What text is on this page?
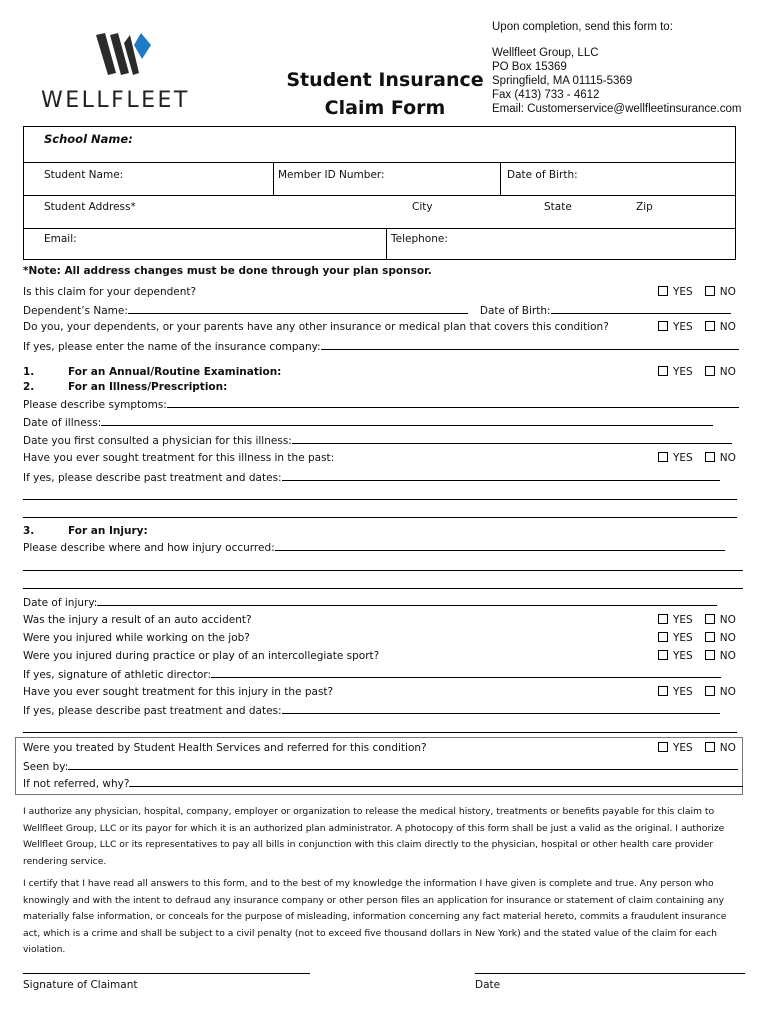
WELLFLEET
Student Insurance
Claim Form
Upon completion, send this form to:
Wellfleet Group, LLC
PO Box 15369
Springfield, MA 01115-5369
Fax (413) 733 - 4612
Email: Customerservice@wellfleetinsurance.com
School Name:
Student Name:	Member ID Number:	Date of Birth:
Student Address*	City	State	Zip
Email:	Telephone:
*Note: All address changes must be done through your plan sponsor.
Is this claim for your dependent?	YES	NO
Dependent’s Name:	Date of Birth:
Do you, your dependents, or your parents have any other insurance or medical plan that covers this condition?	YES	NO
If yes, please enter the name of the insurance company:
1.	For an Annual/Routine Examination:	YES	NO
2.	For an Illness/Prescription:
Please describe symptoms:
Date of illness:
Date you first consulted a physician for this illness:
Have you ever sought treatment for this illness in the past:	YES	NO
If yes, please describe past treatment and dates:
3.	For an Injury:
Please describe where and how injury occurred:
Date of injury:
Was the injury a result of an auto accident?	YES	NO
Were you injured while working on the job?	YES	NO
Were you injured during practice or play of an intercollegiate sport?	YES	NO
If yes, signature of athletic director:
Have you ever sought treatment for this injury in the past?	YES	NO
If yes, please describe past treatment and dates:
Were you treated by Student Health Services and referred for this condition?	YES	NO
Seen by:
If not referred, why?
I authorize any physician, hospital, company, employer or organization to release the medical history, treatments or benefits payable for this claim to Wellfleet Group, LLC or its payor for which it is an authorized plan administrator. A photocopy of this form shall be just a valid as the original. I authorize Wellfleet Group, LLC or its representatives to pay all bills in conjunction with this claim directly to the physician, hospital or other health care provider rendering service.
I certify that I have read all answers to this form, and to the best of my knowledge the information I have given is complete and true. Any person who knowingly and with the intent to defraud any insurance company or other person files an application for insurance or statement of claim containing any materially false information, or conceals for the purpose of misleading, information concerning any fact material hereto, commits a fraudulent insurance act, which is a crime and shall be subject to a civil penalty (not to exceed five thousand dollars in New York) and the stated value of the claim for each violation.
Signature of Claimant	Date
